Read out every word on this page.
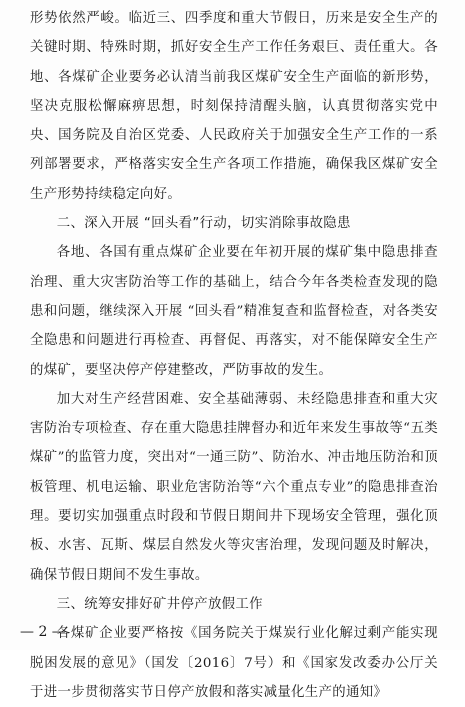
形势依然严峻。临近三、四季度和重大节假日，历来是安全生产的关键时期、特殊时期，抓好安全生产工作任务艰巨、责任重大。各地、各煤矿企业要务必认清当前我区煤矿安全生产面临的新形势，坚决克服松懈麻痹思想，时刻保持清醒头脑，认真贯彻落实党中央、国务院及自治区党委、人民政府关于加强安全生产工作的一系列部署要求，严格落实安全生产各项工作措施，确保我区煤矿安全生产形势持续稳定向好。

二、深入开展 “回头看”行动，切实消除事故隐患

各地、各国有重点煤矿企业要在年初开展的煤矿集中隐患排查治理、重大灾害防治等工作的基础上，结合今年各类检查发现的隐患和问题，继续深入开展 “回头看”精准复查和监督检查，对各类安全隐患和问题进行再检查、再督促、再落实，对不能保障安全生产的煤矿，要坚决停产停建整改，严防事故的发生。

加大对生产经营困难、安全基础薄弱、未经隐患排查和重大灾害防治专项检查、存在重大隐患挂牌督办和近年来发生事故等“五类煤矿”的监管力度，突出对“一通三防”、防治水、冲击地压防治和顶板管理、机电运输、职业危害防治等“六个重点专业”的隐患排查治理。要切实加强重点时段和节假日期间井下现场安全管理，强化顶板、水害、瓦斯、煤层自然发火等灾害治理，发现问题及时解决，确保节假日期间不发生事故。

三、统筹安排好矿井停产放假工作

各煤矿企业要严格按《国务院关于煤炭行业化解过剩产能实现脱困发展的意见》（国发〔2016〕7号）和《国家发改委办公厅关于进一步贯彻落实节日停产放假和落实减量化生产的通知》

— 2 —
